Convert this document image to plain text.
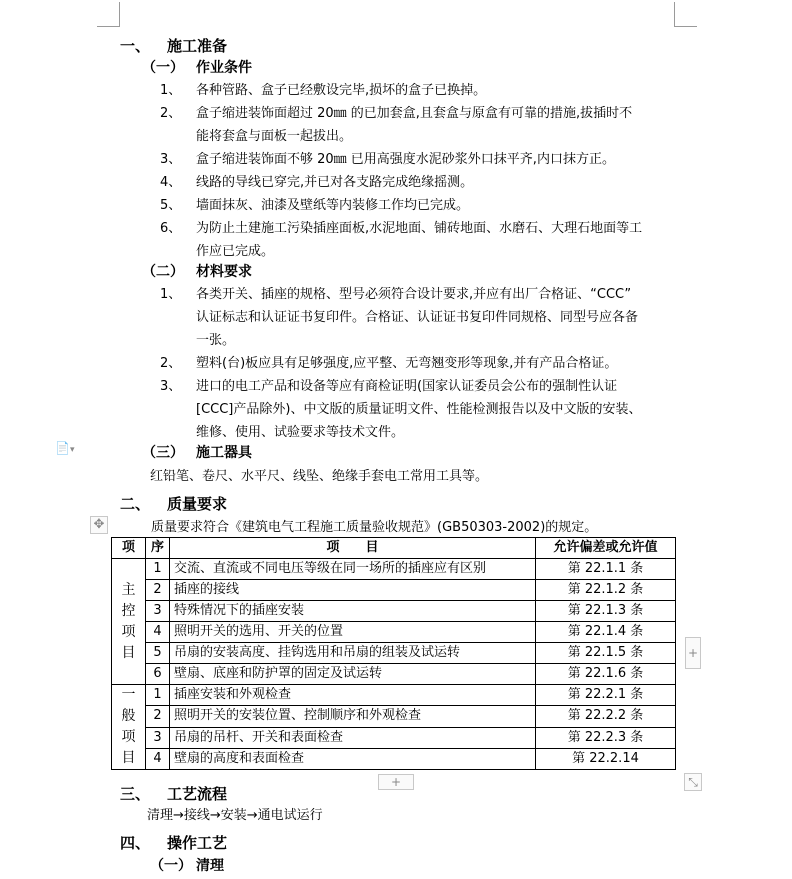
📄▾
一、 施工准备
（一） 作业条件
1、 各种管路、盒子已经敷设完毕,损坏的盒子已换掉。
2、 盒子缩进装饰面超过 20㎜ 的已加套盒,且套盒与原盒有可靠的措施,拔插时不
能将套盒与面板一起拔出。
3、 盒子缩进装饰面不够 20㎜ 已用高强度水泥砂浆外口抹平齐,内口抹方正。
4、 线路的导线已穿完,并已对各支路完成绝缘摇测。
5、 墙面抹灰、油漆及壁纸等内装修工作均已完成。
6、 为防止土建施工污染插座面板,水泥地面、铺砖地面、水磨石、大理石地面等工
作应已完成。
（二） 材料要求
1、 各类开关、插座的规格、型号必须符合设计要求,并应有出厂合格证、“CCC”
认证标志和认证证书复印件。合格证、认证证书复印件同规格、同型号应各备
一张。
2、 塑料(台)板应具有足够强度,应平整、无弯翘变形等现象,并有产品合格证。
3、 进口的电工产品和设备等应有商检证明(国家认证委员会公布的强制性认证
[CCC]产品除外)、中文版的质量证明文件、性能检测报告以及中文版的安装、
维修、使用、试验要求等技术文件。
（三） 施工器具
红铅笔、卷尺、水平尺、线坠、绝缘手套电工常用工具等。
二、 质量要求
✥	质量要求符合《建筑电气工程施工质量验收规范》(GB50303-2002)的规定。
项	序	项　　目	允许偏差或允许值

主控项目	1	交流、直流或不同电压等级在同一场所的插座应有区别	第 22.1.1 条
	2	插座的接线	第 22.1.2 条
	3	特殊情况下的插座安装	第 22.1.3 条
	4	照明开关的选用、开关的位置	第 22.1.4 条
	5	吊扇的安装高度、挂钩选用和吊扇的组装及试运转	第 22.1.5 条
	6	壁扇、底座和防护罩的固定及试运转	第 22.1.6 条

一般项目	1	插座安装和外观检查	第 22.2.1 条
	2	照明开关的安装位置、控制顺序和外观检查	第 22.2.2 条
	3	吊扇的吊杆、开关和表面检查	第 22.2.3 条
	4	壁扇的高度和表面检查	第 22.2.14
+
+	⤡
三、 工艺流程
清理→接线→安装→通电试运行
四、 操作工艺
（一） 清理
